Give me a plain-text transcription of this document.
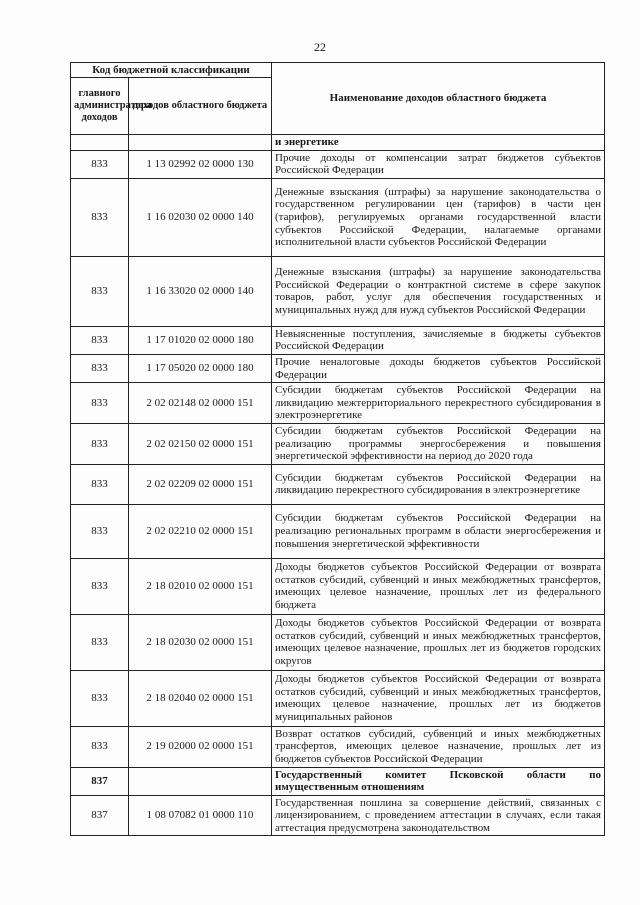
22
Код бюджетной классификации		Наименование доходов областного бюджета
главного администратора доходов	доходов областного бюджета	
		и энергетике
833	1 13 02992 02 0000 130	Прочие доходы от компенсации затрат бюджетов субъектов Российской Федерации
833	1 16 02030 02 0000 140	Денежные взыскания (штрафы) за нарушение законодательства о государственном регулировании цен (тарифов) в части цен (тарифов), регулируемых органами государственной власти субъектов Российской Федерации, налагаемые органами исполнительной власти субъектов Российской Федерации
833	1 16 33020 02 0000 140	Денежные взыскания (штрафы) за нарушение законодательства Российской Федерации о контрактной системе в сфере закупок товаров, работ, услуг для обеспечения государственных и муниципальных нужд для нужд субъектов Российской Федерации
833	1 17 01020 02 0000 180	Невыясненные поступления, зачисляемые в бюджеты субъектов Российской Федерации
833	1 17 05020 02 0000 180	Прочие неналоговые доходы бюджетов субъектов Российской Федерации
833	2 02 02148 02 0000 151	Субсидии бюджетам субъектов Российской Федерации на ликвидацию межтерриториального перекрестного субсидирования в электроэнергетике
833	2 02 02150 02 0000 151	Субсидии бюджетам субъектов Российской Федерации на реализацию программы энергосбережения и повышения энергетической эффективности на период до 2020 года
833	2 02 02209 02 0000 151	Субсидии бюджетам субъектов Российской Федерации на ликвидацию перекрестного субсидирования в электроэнергетике
833	2 02 02210 02 0000 151	Субсидии бюджетам субъектов Российской Федерации на реализацию региональных программ в области энергосбережения и повышения энергетической эффективности
833	2 18 02010 02 0000 151	Доходы бюджетов субъектов Российской Федерации от возврата остатков субсидий, субвенций и иных межбюджетных трансфертов, имеющих целевое назначение, прошлых лет из федерального бюджета
833	2 18 02030 02 0000 151	Доходы бюджетов субъектов Российской Федерации от возврата остатков субсидий, субвенций и иных межбюджетных трансфертов, имеющих целевое назначение, прошлых лет из бюджетов городских округов
833	2 18 02040 02 0000 151	Доходы бюджетов субъектов Российской Федерации от возврата остатков субсидий, субвенций и иных межбюджетных трансфертов, имеющих целевое назначение, прошлых лет из бюджетов муниципальных районов
833	2 19 02000 02 0000 151	Возврат остатков субсидий, субвенций и иных межбюджетных трансфертов, имеющих целевое назначение, прошлых лет из бюджетов субъектов Российской Федерации
837		Государственный комитет Псковской области по имущественным отношениям
837	1 08 07082 01 0000 110	Государственная пошлина за совершение действий, связанных с лицензированием, с проведением аттестации в случаях, если такая аттестация предусмотрена законодательством
